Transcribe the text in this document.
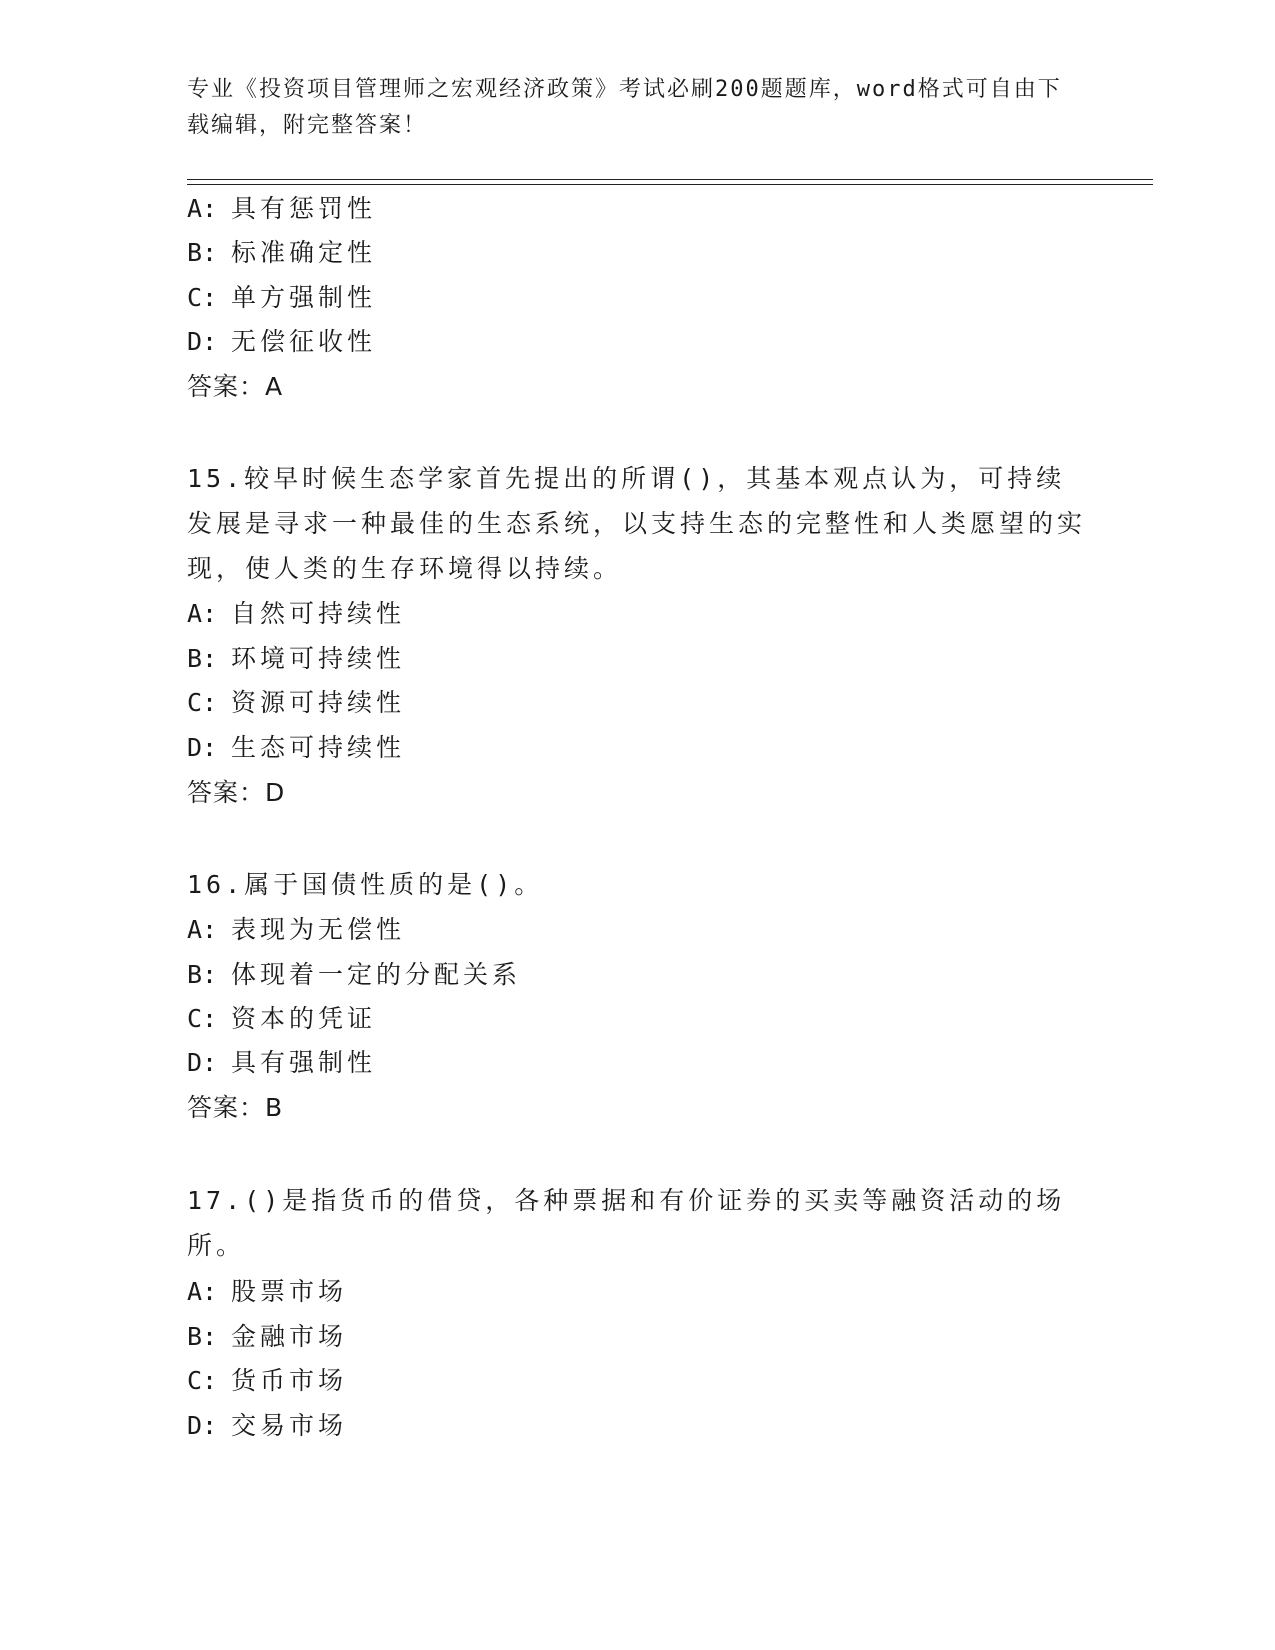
专业《投资项目管理师之宏观经济政策》考试必刷200题题库，word格式可自由下载编辑，附完整答案！
A: 具有惩罚性
B: 标准确定性
C: 单方强制性
D: 无偿征收性
答案：A
15.较早时候生态学家首先提出的所谓()，其基本观点认为，可持续发展是寻求一种最佳的生态系统，以支持生态的完整性和人类愿望的实现，使人类的生存环境得以持续。
A: 自然可持续性
B: 环境可持续性
C: 资源可持续性
D: 生态可持续性
答案：D
16.属于国债性质的是()。
A: 表现为无偿性
B: 体现着一定的分配关系
C: 资本的凭证
D: 具有强制性
答案：B
17.()是指货币的借贷，各种票据和有价证券的买卖等融资活动的场所。
A: 股票市场
B: 金融市场
C: 货币市场
D: 交易市场
